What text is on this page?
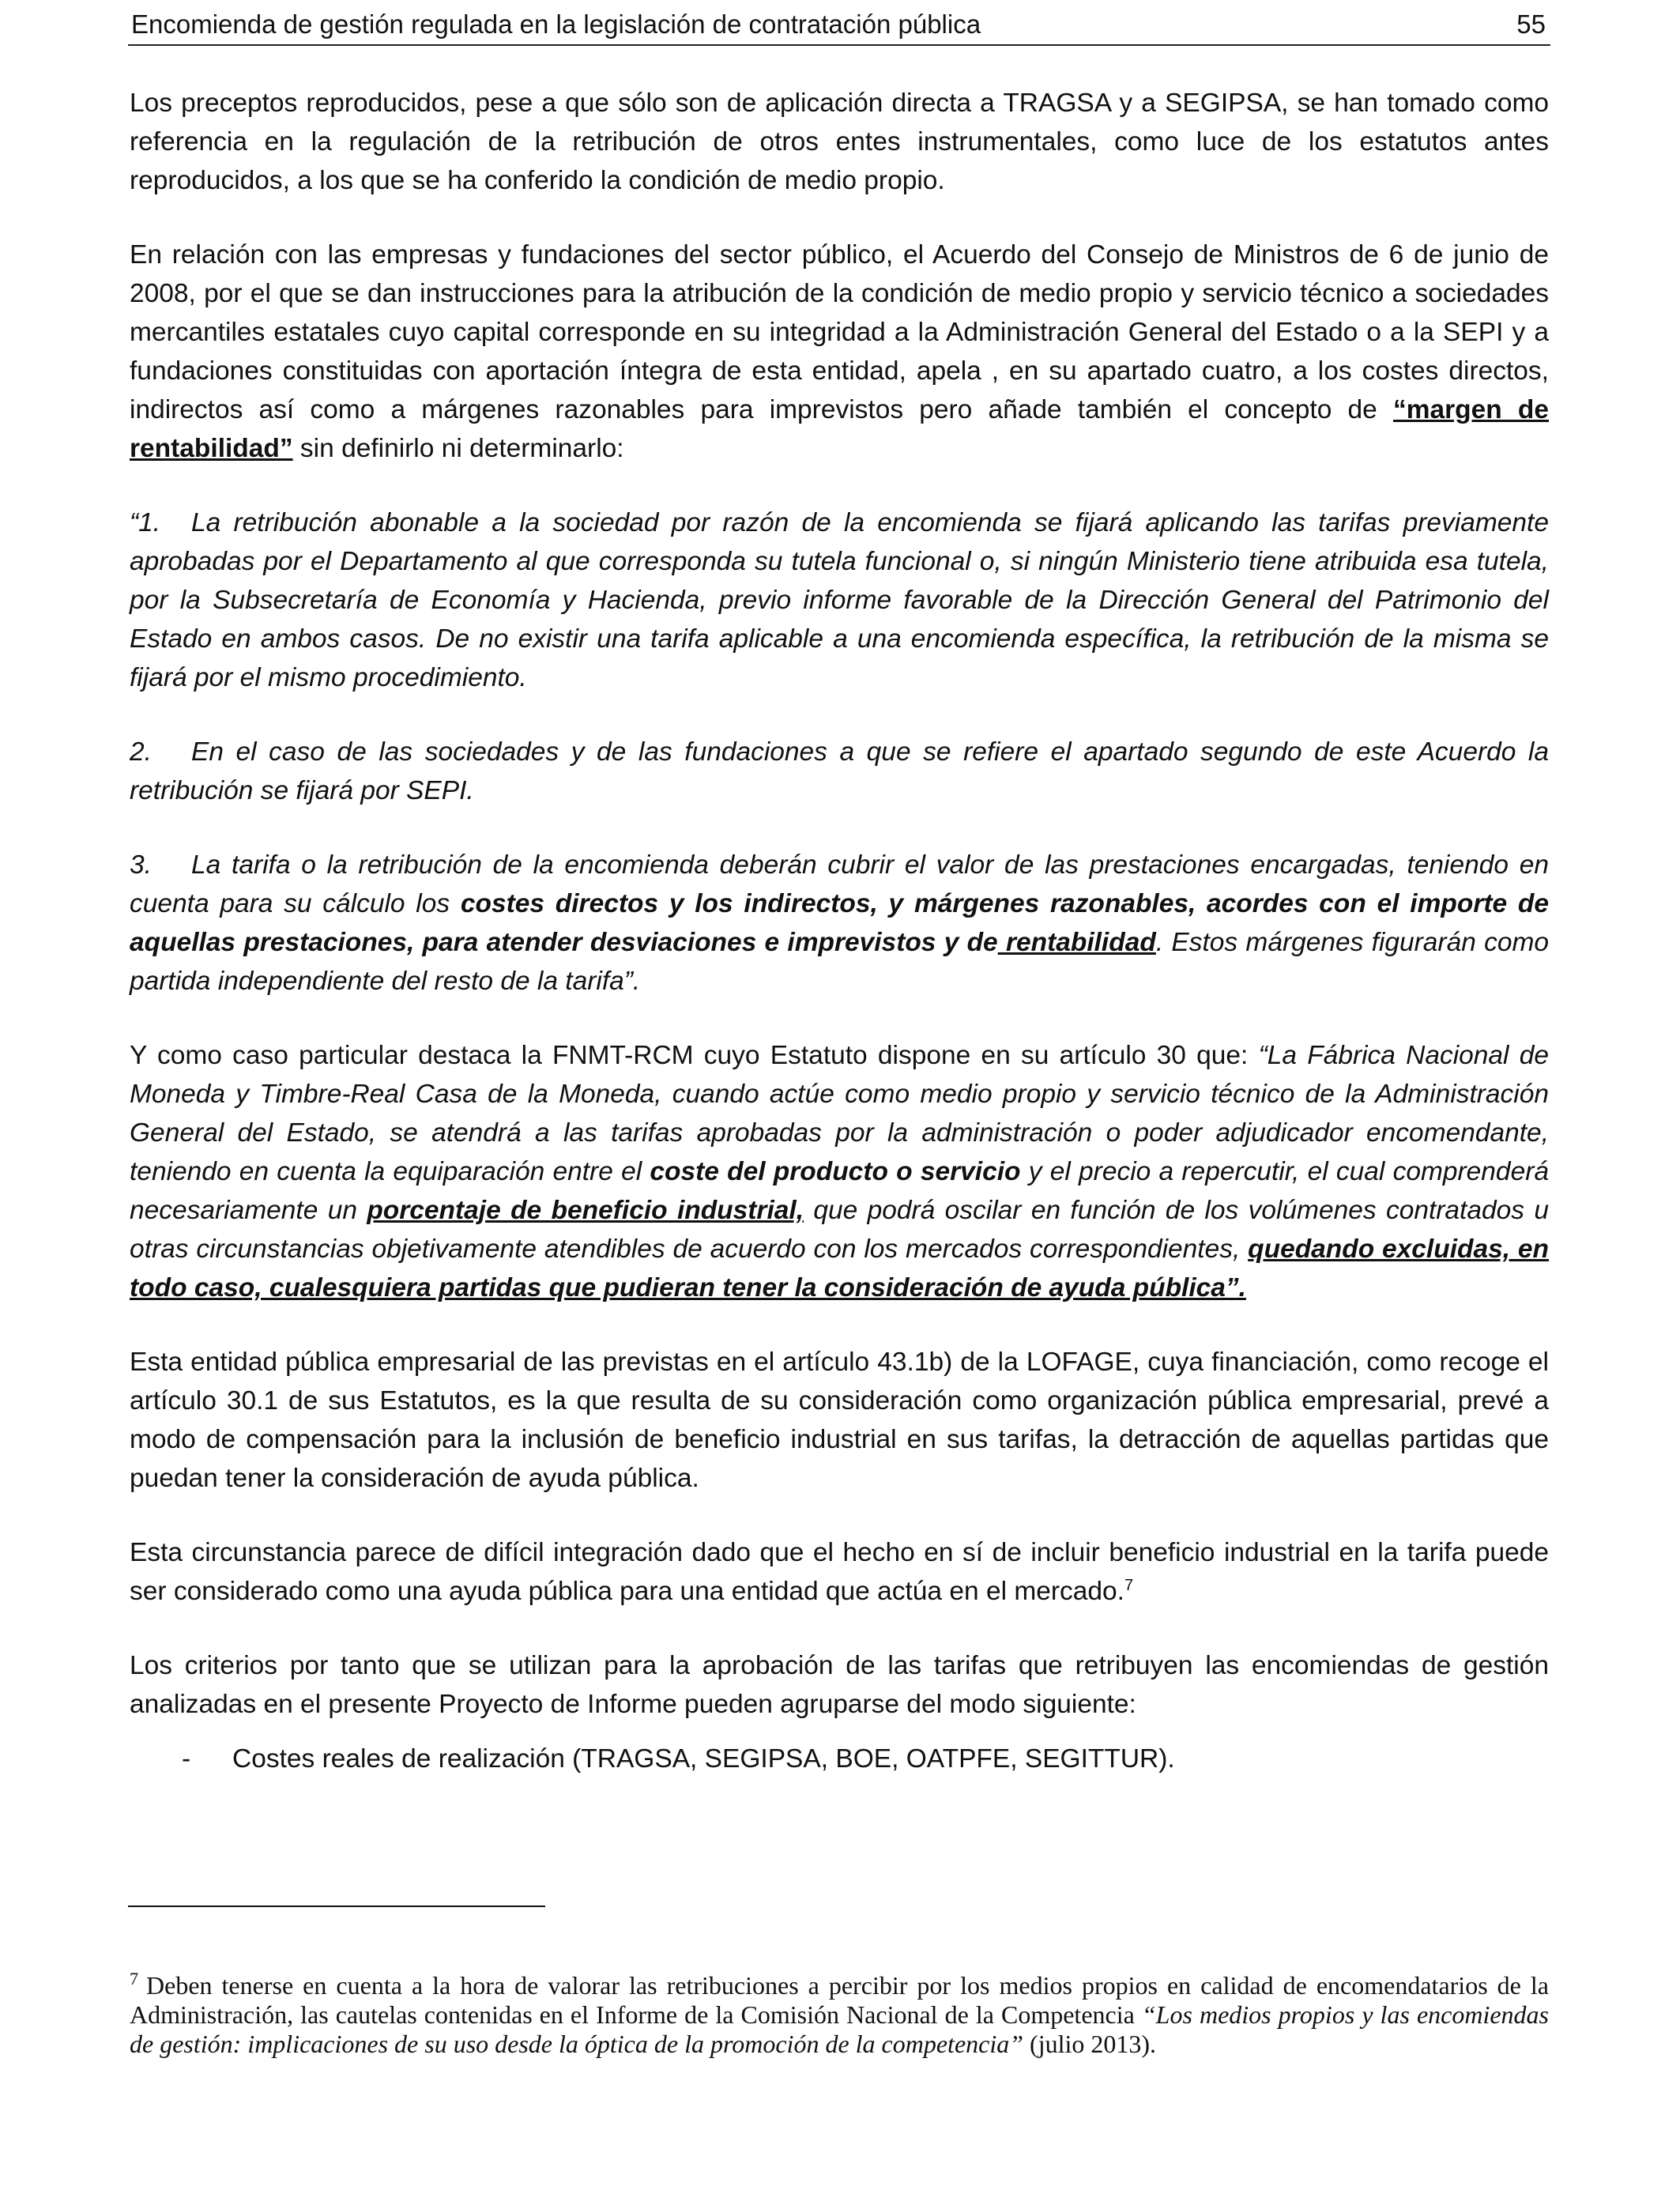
Encomienda de gestión regulada en la legislación de contratación pública	55

Los preceptos reproducidos, pese a que sólo son de aplicación directa a TRAGSA y a SEGIPSA, se han tomado como referencia en la regulación de la retribución de otros entes instrumentales, como luce de los estatutos antes reproducidos, a los que se ha conferido la condición de medio propio.

En relación con las empresas y fundaciones del sector público, el Acuerdo del Consejo de Ministros de 6 de junio de 2008, por el que se dan instrucciones para la atribución de la condición de medio propio y servicio técnico a sociedades mercantiles estatales cuyo capital corresponde en su integridad a la Administración General del Estado o a la SEPI y a fundaciones constituidas con aportación íntegra de esta entidad, apela , en su apartado cuatro, a los costes directos, indirectos así como a márgenes razonables para imprevistos pero añade también el concepto de “margen de rentabilidad” sin definirlo ni determinarlo:

“1. La retribución abonable a la sociedad por razón de la encomienda se fijará aplicando las tarifas previamente aprobadas por el Departamento al que corresponda su tutela funcional o, si ningún Ministerio tiene atribuida esa tutela, por la Subsecretaría de Economía y Hacienda, previo informe favorable de la Dirección General del Patrimonio del Estado en ambos casos. De no existir una tarifa aplicable a una encomienda específica, la retribución de la misma se fijará por el mismo procedimiento.

2. En el caso de las sociedades y de las fundaciones a que se refiere el apartado segundo de este Acuerdo la retribución se fijará por SEPI.

3. La tarifa o la retribución de la encomienda deberán cubrir el valor de las prestaciones encargadas, teniendo en cuenta para su cálculo los costes directos y los indirectos, y márgenes razonables, acordes con el importe de aquellas prestaciones, para atender desviaciones e imprevistos y de rentabilidad. Estos márgenes figurarán como partida independiente del resto de la tarifa”.

Y como caso particular destaca la FNMT-RCM cuyo Estatuto dispone en su artículo 30 que: “La Fábrica Nacional de Moneda y Timbre-Real Casa de la Moneda, cuando actúe como medio propio y servicio técnico de la Administración General del Estado, se atendrá a las tarifas aprobadas por la administración o poder adjudicador encomendante, teniendo en cuenta la equiparación entre el coste del producto o servicio y el precio a repercutir, el cual comprenderá necesariamente un porcentaje de beneficio industrial, que podrá oscilar en función de los volúmenes contratados u otras circunstancias objetivamente atendibles de acuerdo con los mercados correspondientes, quedando excluidas, en todo caso, cualesquiera partidas que pudieran tener la consideración de ayuda pública”.

Esta entidad pública empresarial de las previstas en el artículo 43.1b) de la LOFAGE, cuya financiación, como recoge el artículo 30.1 de sus Estatutos, es la que resulta de su consideración como organización pública empresarial, prevé a modo de compensación para la inclusión de beneficio industrial en sus tarifas, la detracción de aquellas partidas que puedan tener la consideración de ayuda pública.

Esta circunstancia parece de difícil integración dado que el hecho en sí de incluir beneficio industrial en la tarifa puede ser considerado como una ayuda pública para una entidad que actúa en el mercado.$^7$

Los criterios por tanto que se utilizan para la aprobación de las tarifas que retribuyen las encomiendas de gestión analizadas en el presente Proyecto de Informe pueden agruparse del modo siguiente:

- Costes reales de realización (TRAGSA, SEGIPSA, BOE, OATPFE, SEGITTUR).
$^7$ Deben tenerse en cuenta a la hora de valorar las retribuciones a percibir por los medios propios en calidad de encomendatarios de la Administración, las cautelas contenidas en el Informe de la Comisión Nacional de la Competencia “Los medios propios y las encomiendas de gestión: implicaciones de su uso desde la óptica de la promoción de la competencia” (julio 2013).
